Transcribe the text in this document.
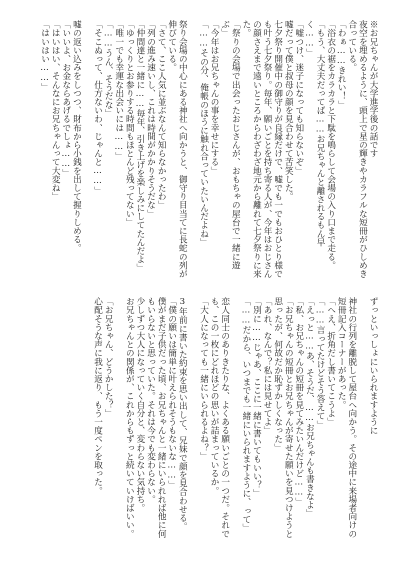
※お兄ちゃんが大学進学後の話です
夜空を埋めるように、頭上で星の輝きやカラフルな短冊がひしめき合っている。
「わぁ……きれい！」
「浴衣の裾をカラカラと下駄を鳴らして会場の入り口まで走る。
「もう、大丈夫だってば……お兄ちゃんと離されるもん早く……」
「嘘つけ、迷子になっても知らないぞ」
嘘だって僕と叔母の顔を見合わせて苦笑した。
七夕祭り開催中の御守りが良縁だけで、嘘でも一でもおひとり様でも叶う七夕祭り。毎年、願いごとを持ち寄る人が、今年はおじさんの顔さえまで遠いところからわざわざ地元から離れて七夕祭りに来た。
「祭りの会場で出会ったおじさんが、おもちゃの屋台で一緒に遊ぶ」
「今年はお兄ちゃんの事を幸せにする」
「……その分、俺帳のほうに触れ合っていたいんだよね」

祭り会場の中心にある神社へ向かうと、御守り目当てに長蛇の列が伸びている。
「さて、ここ人気に並ぶなんて知らなかったわ」
「列の進み速いし、これは時間がかかりそうだな」
「仲間達と一緒に……毎年、引き上げを楽しみにしてたんだよ」
「ゆっくりとお参りする時間もほとんど残ってない」
「唯一でも幸運な出会いには……」
「……うん、そうだな」
「そこぬって、仕方ないわ、じゃんと……」

嘘の返い込みをしつつ、財布から小銭を出して握りしめる。
「いいよ、お金ならあげるでしょ……」
「はいはい、そんなにお兄ちゃんって大変ね」
「はいはい……」
ずっといっしょにいられますように

神社の行列を離脱して屋台へ向かう。その途中に来場者向けの短冊記入コーナーがあった。
「へえ、折角だし書いてこうよ」
「……言ってたけどそう答えて」
「えっと……あ、そうだ、……お兄ちゃんも書きなよ」
「私、お兄ちゃんの短冊を見てみたいんだけど……」
「お兄ちゃんの短冊とお兄ちゃんが寄せた願いを見つけようと思ったが、何故だか恥ずかしくなった」
「あれ、なんで？私には見せてよ」
「別に……じゃあ、ここに一緒に書いてもいい？」
「……だから、いつまでも一緒にいられますように、って」

恋人同士のありきたりな、よくある願いごとの一つだ。それでも、この一枚にどれほどの思いが詰まっているか。
「大人になっても一緒にいられるよね？」

3年前に書いた約束を思い出して、兄妹で顔を見合わせる。
「僕の願いは簡単に叶えられそうもないな……」
僕がまだ子供だった頃、お兄ちゃんと一緒にいられれば他に何もいらないと思っていた。それは今でも変わらない。
少しずつ大人になっていく自分と、変わらない気持ち。
お兄ちゃんとの関係が、これからもずっと続いていけばいい。

「お兄ちゃん、どうかした？」
心配そうな声に我に返り、もう一度ペンを取った。
